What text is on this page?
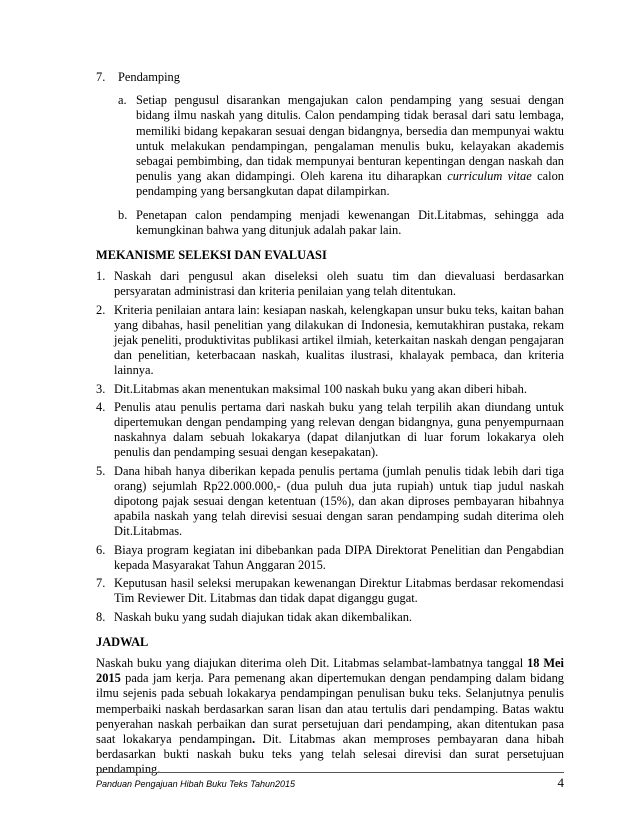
7. Pendamping
a. Setiap pengusul disarankan mengajukan calon pendamping yang sesuai dengan bidang ilmu naskah yang ditulis. Calon pendamping tidak berasal dari satu lembaga, memiliki bidang kepakaran sesuai dengan bidangnya, bersedia dan mempunyai waktu untuk melakukan pendampingan, pengalaman menulis buku, kelayakan akademis sebagai pembimbing, dan tidak mempunyai benturan kepentingan dengan naskah dan penulis yang akan didampingi. Oleh karena itu diharapkan curriculum vitae calon pendamping yang bersangkutan dapat dilampirkan.
b. Penetapan calon pendamping menjadi kewenangan Dit.Litabmas, sehingga ada kemungkinan bahwa yang ditunjuk adalah pakar lain.
MEKANISME SELEKSI DAN EVALUASI
1. Naskah dari pengusul akan diseleksi oleh suatu tim dan dievaluasi berdasarkan persyaratan administrasi dan kriteria penilaian yang telah ditentukan.
2. Kriteria penilaian antara lain: kesiapan naskah, kelengkapan unsur buku teks, kaitan bahan yang dibahas, hasil penelitian yang dilakukan di Indonesia, kemutakhiran pustaka, rekam jejak peneliti, produktivitas publikasi artikel ilmiah, keterkaitan naskah dengan pengajaran dan penelitian, keterbacaan naskah, kualitas ilustrasi, khalayak pembaca, dan kriteria lainnya.
3. Dit.Litabmas akan menentukan maksimal 100 naskah buku yang akan diberi hibah.
4. Penulis atau penulis pertama dari naskah buku yang telah terpilih akan diundang untuk dipertemukan dengan pendamping yang relevan dengan bidangnya, guna penyempurnaan naskahnya dalam sebuah lokakarya (dapat dilanjutkan di luar forum lokakarya oleh penulis dan pendamping sesuai dengan kesepakatan).
5. Dana hibah hanya diberikan kepada penulis pertama (jumlah penulis tidak lebih dari tiga orang) sejumlah Rp22.000.000,- (dua puluh dua juta rupiah) untuk tiap judul naskah dipotong pajak sesuai dengan ketentuan (15%), dan akan diproses pembayaran hibahnya apabila naskah yang telah direvisi sesuai dengan saran pendamping sudah diterima oleh Dit.Litabmas.
6. Biaya program kegiatan ini dibebankan pada DIPA Direktorat Penelitian dan Pengabdian kepada Masyarakat Tahun Anggaran 2015.
7. Keputusan hasil seleksi merupakan kewenangan Direktur Litabmas berdasar rekomendasi Tim Reviewer Dit. Litabmas dan tidak dapat diganggu gugat.
8. Naskah buku yang sudah diajukan tidak akan dikembalikan.
JADWAL

Naskah buku yang diajukan diterima oleh Dit. Litabmas selambat-lambatnya tanggal 18 Mei 2015 pada jam kerja. Para pemenang akan dipertemukan dengan pendamping dalam bidang ilmu sejenis pada sebuah lokakarya pendampingan penulisan buku teks. Selanjutnya penulis memperbaiki naskah berdasarkan saran lisan dan atau tertulis dari pendamping. Batas waktu penyerahan naskah perbaikan dan surat persetujuan dari pendamping, akan ditentukan pasa saat lokakarya pendampingan. Dit. Litabmas akan memproses pembayaran dana hibah berdasarkan bukti naskah buku teks yang telah selesai direvisi dan surat persetujuan pendamping.

Panduan Pengajuan Hibah Buku Teks Tahun2015	4
